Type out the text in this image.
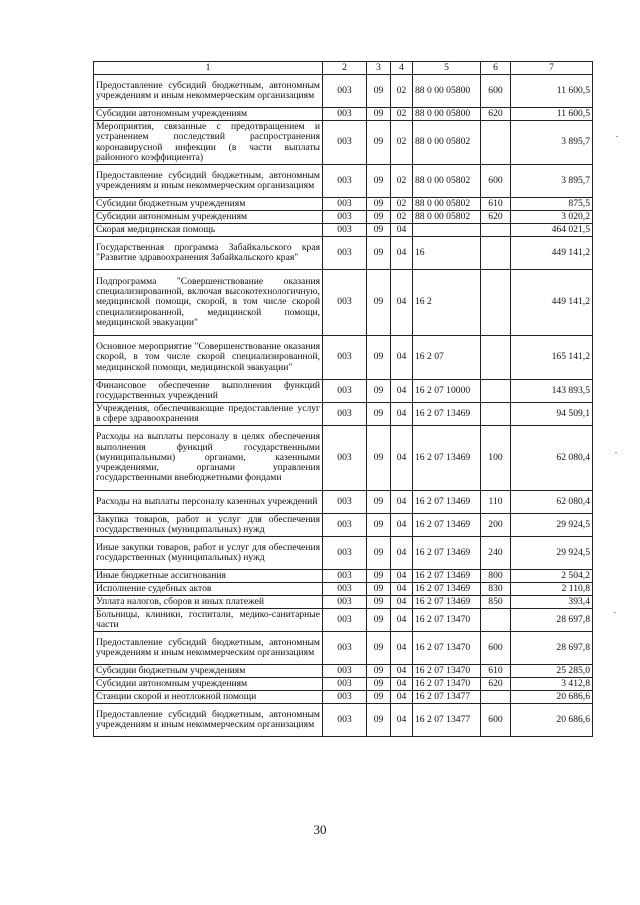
1	2	3	4	5	6	7
Предоставление субсидий бюджетным, автономным учреждениям и иным некоммерческим организациям	003	09	02	88 0 00 05800	600	11 600,5
Субсидии автономным учреждениям	003	09	02	88 0 00 05800	620	11 600,5
Мероприятия, связанные с предотвращением и устранением последствий распространения коронавирусной инфекции (в части выплаты районного коэффициента)	003	09	02	88 0 00 05802		3 895,7
Предоставление субсидий бюджетным, автономным учреждениям и иным некоммерческим организациям	003	09	02	88 0 00 05802	600	3 895,7
Субсидии бюджетным учреждениям	003	09	02	88 0 00 05802	610	875,5
Субсидии автономным учреждениям	003	09	02	88 0 00 05802	620	3 020,2
Скорая медицинская помощь	003	09	04			464 021,5
Государственная программа Забайкальского края "Развитие здравоохранения Забайкальского края"	003	09	04	16		449 141,2
Подпрограмма "Совершенствование оказания специализированной, включая высокотехнологичную, медицинской помощи, скорой, в том числе скорой специализированной, медицинской помощи, медицинской эвакуации"	003	09	04	16 2		449 141,2
Основное мероприятие "Совершенствование оказания скорой, в том числе скорой специализированной, медицинской помощи, медицинской эвакуации"	003	09	04	16 2 07		165 141,2
Финансовое обеспечение выполнения функций государственных учреждений	003	09	04	16 2 07 10000		143 893,5
Учреждения, обеспечивающие предоставление услуг в сфере здравоохранения	003	09	04	16 2 07 13469		94 509,1
Расходы на выплаты персоналу в целях обеспечения выполнения функций государственными (муниципальными) органами, казенными учреждениями, органами управления государственными внебюджетными фондами	003	09	04	16 2 07 13469	100	62 080,4
Расходы на выплаты персоналу казенных учреждений	003	09	04	16 2 07 13469	110	62 080,4
Закупка товаров, работ и услуг для обеспечения государственных (муниципальных) нужд	003	09	04	16 2 07 13469	200	29 924,5
Иные закупки товаров, работ и услуг для обеспечения государственных (муниципальных) нужд	003	09	04	16 2 07 13469	240	29 924,5
Иные бюджетные ассигнования	003	09	04	16 2 07 13469	800	2 504,2
Исполнение судебных актов	003	09	04	16 2 07 13469	830	2 110,8
Уплата налогов, сборов и иных платежей	003	09	04	16 2 07 13469	850	393,4
Больницы, клиники, госпитали, медико-санитарные части	003	09	04	16 2 07 13470		28 697,8
Предоставление субсидий бюджетным, автономным учреждениям и иным некоммерческим организациям	003	09	04	16 2 07 13470	600	28 697,8
Субсидии бюджетным учреждениям	003	09	04	16 2 07 13470	610	25 285,0
Субсидии автономным учреждениям	003	09	04	16 2 07 13470	620	3 412,8
Станции скорой и неотложной помощи	003	09	04	16 2 07 13477		20 686,6
Предоставление субсидий бюджетным, автономным учреждениям и иным некоммерческим организациям	003	09	04	16 2 07 13477	600	20 686,6
30
